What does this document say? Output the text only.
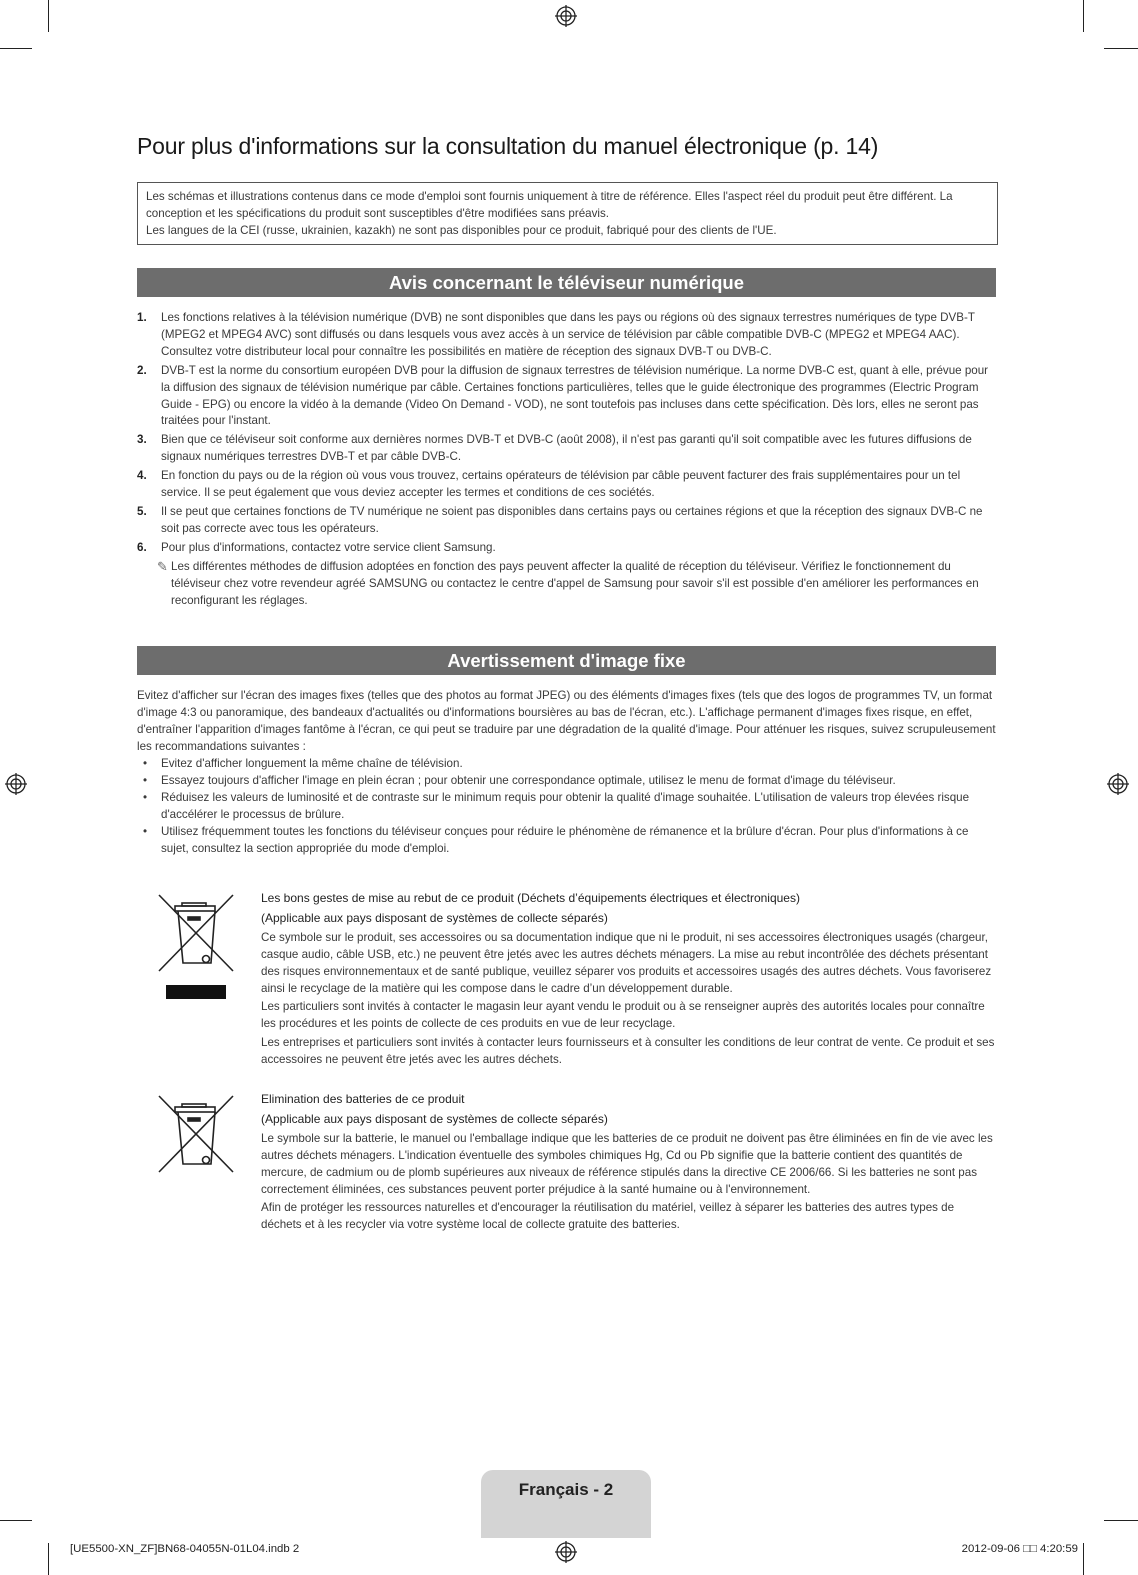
Pour plus d'informations sur la consultation du manuel électronique (p. 14)

Les schémas et illustrations contenus dans ce mode d'emploi sont fournis uniquement à titre de référence. Elles l'aspect réel du produit peut être différent. La conception et les spécifications du produit sont susceptibles d'être modifiées sans préavis.

Les langues de la CEI (russe, ukrainien, kazakh) ne sont pas disponibles pour ce produit, fabriqué pour des clients de l'UE.

Avis concernant le téléviseur numérique
1. Les fonctions relatives à la télévision numérique (DVB) ne sont disponibles que dans les pays ou régions où des signaux terrestres numériques de type DVB-T (MPEG2 et MPEG4 AVC) sont diffusés ou dans lesquels vous avez accès à un service de télévision par câble compatible DVB-C (MPEG2 et MPEG4 AAC). Consultez votre distributeur local pour connaître les possibilités en matière de réception des signaux DVB-T ou DVB-C.
2. DVB-T est la norme du consortium européen DVB pour la diffusion de signaux terrestres de télévision numérique. La norme DVB-C est, quant à elle, prévue pour la diffusion des signaux de télévision numérique par câble. Certaines fonctions particulières, telles que le guide électronique des programmes (Electric Program Guide - EPG) ou encore la vidéo à la demande (Video On Demand - VOD), ne sont toutefois pas incluses dans cette spécification. Dès lors, elles ne seront pas traitées pour l'instant.
3. Bien que ce téléviseur soit conforme aux dernières normes DVB-T et DVB-C (août 2008), il n'est pas garanti qu'il soit compatible avec les futures diffusions de signaux numériques terrestres DVB-T et par câble DVB-C.
4. En fonction du pays ou de la région où vous vous trouvez, certains opérateurs de télévision par câble peuvent facturer des frais supplémentaires pour un tel service. Il se peut également que vous deviez accepter les termes et conditions de ces sociétés.
5. Il se peut que certaines fonctions de TV numérique ne soient pas disponibles dans certains pays ou certaines régions et que la réception des signaux DVB-C ne soit pas correcte avec tous les opérateurs.
6. Pour plus d'informations, contactez votre service client Samsung.
✎ Les différentes méthodes de diffusion adoptées en fonction des pays peuvent affecter la qualité de réception du téléviseur. Vérifiez le fonctionnement du téléviseur chez votre revendeur agréé SAMSUNG ou contactez le centre d'appel de Samsung pour savoir s'il est possible d'en améliorer les performances en reconfigurant les réglages.
Avertissement d'image fixe

Evitez d'afficher sur l'écran des images fixes (telles que des photos au format JPEG) ou des éléments d'images fixes (tels que des logos de programmes TV, un format d'image 4:3 ou panoramique, des bandeaux d'actualités ou d'informations boursières au bas de l'écran, etc.). L'affichage permanent d'images fixes risque, en effet, d'entraîner l'apparition d'images fantôme à l'écran, ce qui peut se traduire par une dégradation de la qualité d'image. Pour atténuer les risques, suivez scrupuleusement les recommandations suivantes :

• Evitez d'afficher longuement la même chaîne de télévision.
• Essayez toujours d'afficher l'image en plein écran ; pour obtenir une correspondance optimale, utilisez le menu de format d'image du téléviseur.
• Réduisez les valeurs de luminosité et de contraste sur le minimum requis pour obtenir la qualité d'image souhaitée. L'utilisation de valeurs trop élevées risque d'accélérer le processus de brûlure.
• Utilisez fréquemment toutes les fonctions du téléviseur conçues pour réduire le phénomène de rémanence et la brûlure d'écran. Pour plus d'informations à ce sujet, consultez la section appropriée du mode d'emploi.

Les bons gestes de mise au rebut de ce produit (Déchets d’équipements électriques et électroniques)

(Applicable aux pays disposant de systèmes de collecte séparés)

Ce symbole sur le produit, ses accessoires ou sa documentation indique que ni le produit, ni ses accessoires électroniques usagés (chargeur, casque audio, câble USB, etc.) ne peuvent être jetés avec les autres déchets ménagers. La mise au rebut incontrôlée des déchets présentant des risques environnementaux et de santé publique, veuillez séparer vos produits et accessoires usagés des autres déchets. Vous favoriserez ainsi le recyclage de la matière qui les compose dans le cadre d’un développement durable.

Les particuliers sont invités à contacter le magasin leur ayant vendu le produit ou à se renseigner auprès des autorités locales pour connaître les procédures et les points de collecte de ces produits en vue de leur recyclage.

Les entreprises et particuliers sont invités à contacter leurs fournisseurs et à consulter les conditions de leur contrat de vente. Ce produit et ses accessoires ne peuvent être jetés avec les autres déchets.

Elimination des batteries de ce produit

(Applicable aux pays disposant de systèmes de collecte séparés)

Le symbole sur la batterie, le manuel ou l'emballage indique que les batteries de ce produit ne doivent pas être éliminées en fin de vie avec les autres déchets ménagers. L'indication éventuelle des symboles chimiques Hg, Cd ou Pb signifie que la batterie contient des quantités de mercure, de cadmium ou de plomb supérieures aux niveaux de référence stipulés dans la directive CE 2006/66. Si les batteries ne sont pas correctement éliminées, ces substances peuvent porter préjudice à la santé humaine ou à l'environnement.

Afin de protéger les ressources naturelles et d'encourager la réutilisation du matériel, veillez à séparer les batteries des autres types de déchets et à les recycler via votre système local de collecte gratuite des batteries.

Français - 2
[UE5500-XN_ZF]BN68-04055N-01L04.indb 2	2012-09-06 □□ 4:20:59
